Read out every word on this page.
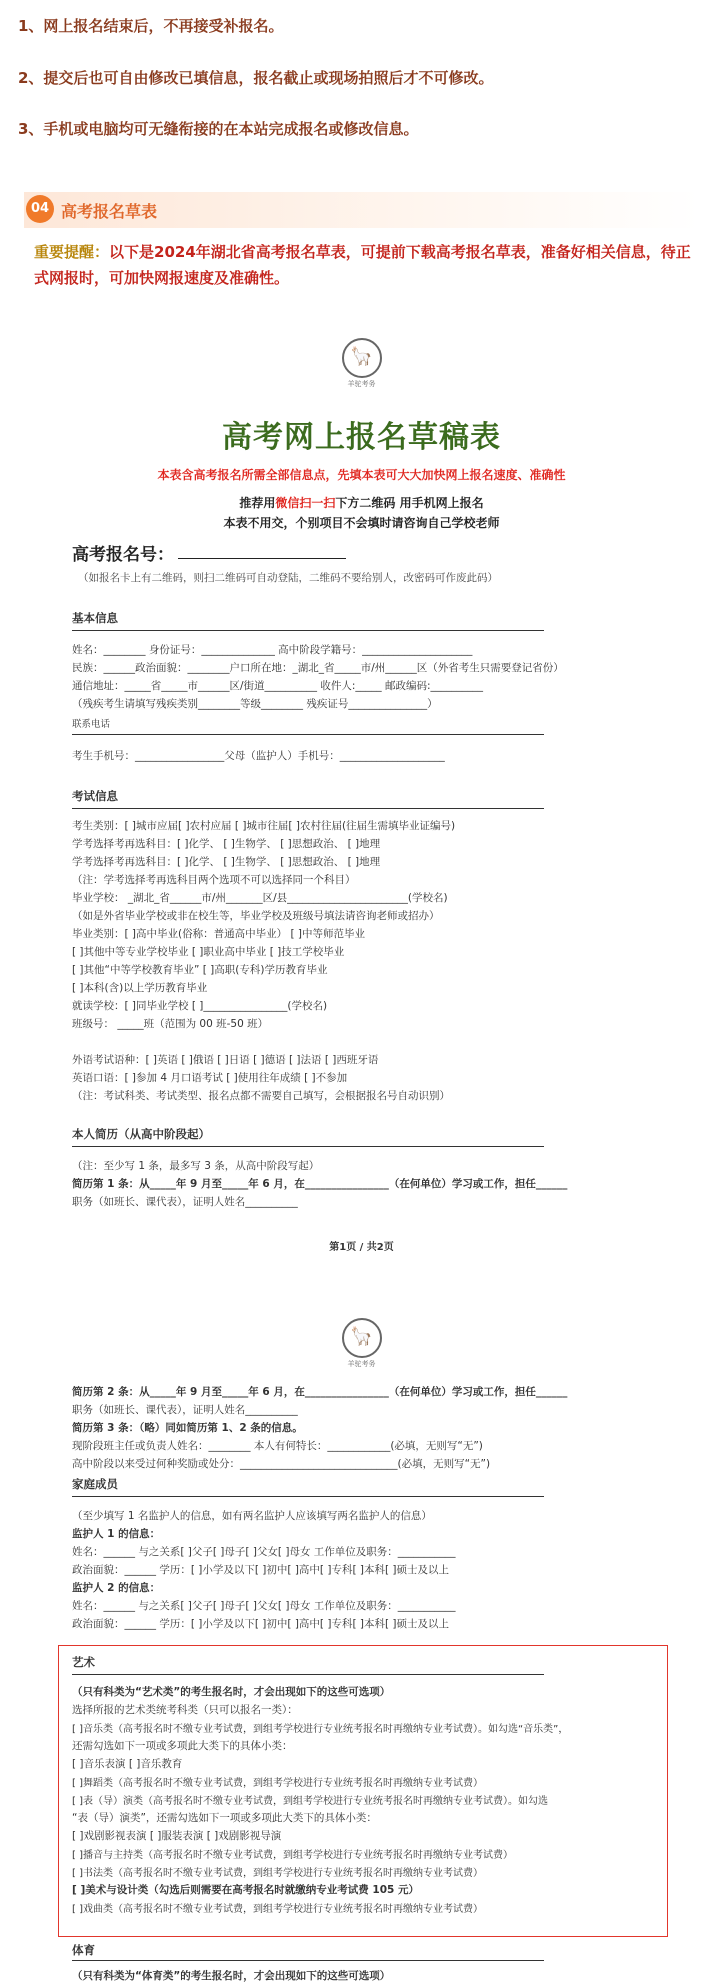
1、网上报名结束后，不再接受补报名。
2、提交后也可自由修改已填信息，报名截止或现场拍照后才不可修改。
3、手机或电脑均可无缝衔接的在本站完成报名或修改信息。
04 高考报名草表
重要提醒：以下是2024年湖北省高考报名草表，可提前下载高考报名草表，准备好相关信息，待正式网报时，可加快网报速度及准确性。
🦙
羊驼考务
高考网上报名草稿表
本表含高考报名所需全部信息点，先填本表可大大加快网上报名速度、准确性
推荐用微信扫一扫下方二维码 用手机网上报名
本表不用交，个别项目不会填时请咨询自己学校老师
高考报名号：
（如报名卡上有二维码，则扫二维码可自动登陆，二维码不要给别人，改密码可作废此码）
基本信息
姓名：________ 身份证号：______________ 高中阶段学籍号：_____________________
民族：______政治面貌：________户口所在地：_湖北_省_____市/州______区（外省考生只需要登记省份）
通信地址：_____省_____市______区/街道__________ 收件人:_____ 邮政编码:__________
（残疾考生请填写残疾类别________等级________ 残疾证号_______________）
联系电话
考生手机号：_________________父母（监护人）手机号：____________________
考试信息
考生类别：[ ]城市应届[ ]农村应届 [ ]城市往届[ ]农村往届(往届生需填毕业证编号)
学考选择考再选科目：[ ]化学、 [ ]生物学、 [ ]思想政治、 [ ]地理
学考选择考再选科目：[ ]化学、 [ ]生物学、 [ ]思想政治、 [ ]地理
（注：学考选择考再选科目两个选项不可以选择同一个科目）
毕业学校： _湖北_省______市/州_______区/县_______________________(学校名)
（如是外省毕业学校或非在校生等，毕业学校及班级号填法请咨询老师或招办）
毕业类别：[ ]高中毕业(俗称：普通高中毕业） [ ]中等师范毕业
[ ]其他中等专业学校毕业 [ ]职业高中毕业 [ ]技工学校毕业
[ ]其他“中等学校教育毕业” [ ]高职(专科)学历教育毕业
[ ]本科(含)以上学历教育毕业
就读学校：[ ]同毕业学校 [ ]________________(学校名)
班级号： _____班（范围为 00 班-50 班）
外语考试语种：[ ]英语 [ ]俄语 [ ]日语 [ ]德语 [ ]法语 [ ]西班牙语
英语口语：[ ]参加 4 月口语考试 [ ]使用往年成绩 [ ]不参加
（注：考试科类、考试类型、报名点都不需要自己填写，会根据报名号自动识别）
本人简历（从高中阶段起）
（注：至少写 1 条，最多写 3 条，从高中阶段写起）
简历第 1 条：从_____年 9 月至_____年 6 月，在________________（在何单位）学习或工作，担任______
职务（如班长、课代表），证明人姓名__________
第1页 / 共2页
🦙
羊驼考务
简历第 2 条：从_____年 9 月至_____年 6 月，在________________（在何单位）学习或工作，担任______
职务（如班长、课代表），证明人姓名__________
简历第 3 条：（略）同如简历第 1、2 条的信息。
现阶段班主任或负责人姓名：________ 本人有何特长：____________(必填，无则写“无”)
高中阶段以来受过何种奖励或处分：______________________________(必填，无则写“无”)
家庭成员
（至少填写 1 名监护人的信息，如有两名监护人应该填写两名监护人的信息）
监护人 1 的信息：
姓名：______ 与之关系[ ]父子[ ]母子[ ]父女[ ]母女 工作单位及职务：___________
政治面貌：______ 学历：[ ]小学及以下[ ]初中[ ]高中[ ]专科[ ]本科[ ]硕士及以上
监护人 2 的信息：
姓名：______ 与之关系[ ]父子[ ]母子[ ]父女[ ]母女 工作单位及职务：___________
政治面貌：______ 学历：[ ]小学及以下[ ]初中[ ]高中[ ]专科[ ]本科[ ]硕士及以上
艺术
（只有科类为“艺术类”的考生报名时，才会出现如下的这些可选项）
选择所报的艺术类统考科类（只可以报名一类）：
[ ]音乐类（高考报名时不缴专业考试费，到组考学校进行专业统考报名时再缴纳专业考试费）。如勾选“音乐类”，
还需勾选如下一项或多项此大类下的具体小类：
[ ]音乐表演 [ ]音乐教育
[ ]舞蹈类（高考报名时不缴专业考试费，到组考学校进行专业统考报名时再缴纳专业考试费）
[ ]表（导）演类（高考报名时不缴专业考试费，到组考学校进行专业统考报名时再缴纳专业考试费）。如勾选
“表（导）演类”，还需勾选如下一项或多项此大类下的具体小类：
[ ]戏剧影视表演 [ ]服装表演 [ ]戏剧影视导演
[ ]播音与主持类（高考报名时不缴专业考试费，到组考学校进行专业统考报名时再缴纳专业考试费）
[ ]书法类（高考报名时不缴专业考试费，到组考学校进行专业统考报名时再缴纳专业考试费）
[ ]美术与设计类（勾选后则需要在高考报名时就缴纳专业考试费 105 元）
[ ]戏曲类（高考报名时不缴专业考试费，到组考学校进行专业统考报名时再缴纳专业考试费）
体育
（只有科类为“体育类”的考生报名时，才会出现如下的这些可选项）
